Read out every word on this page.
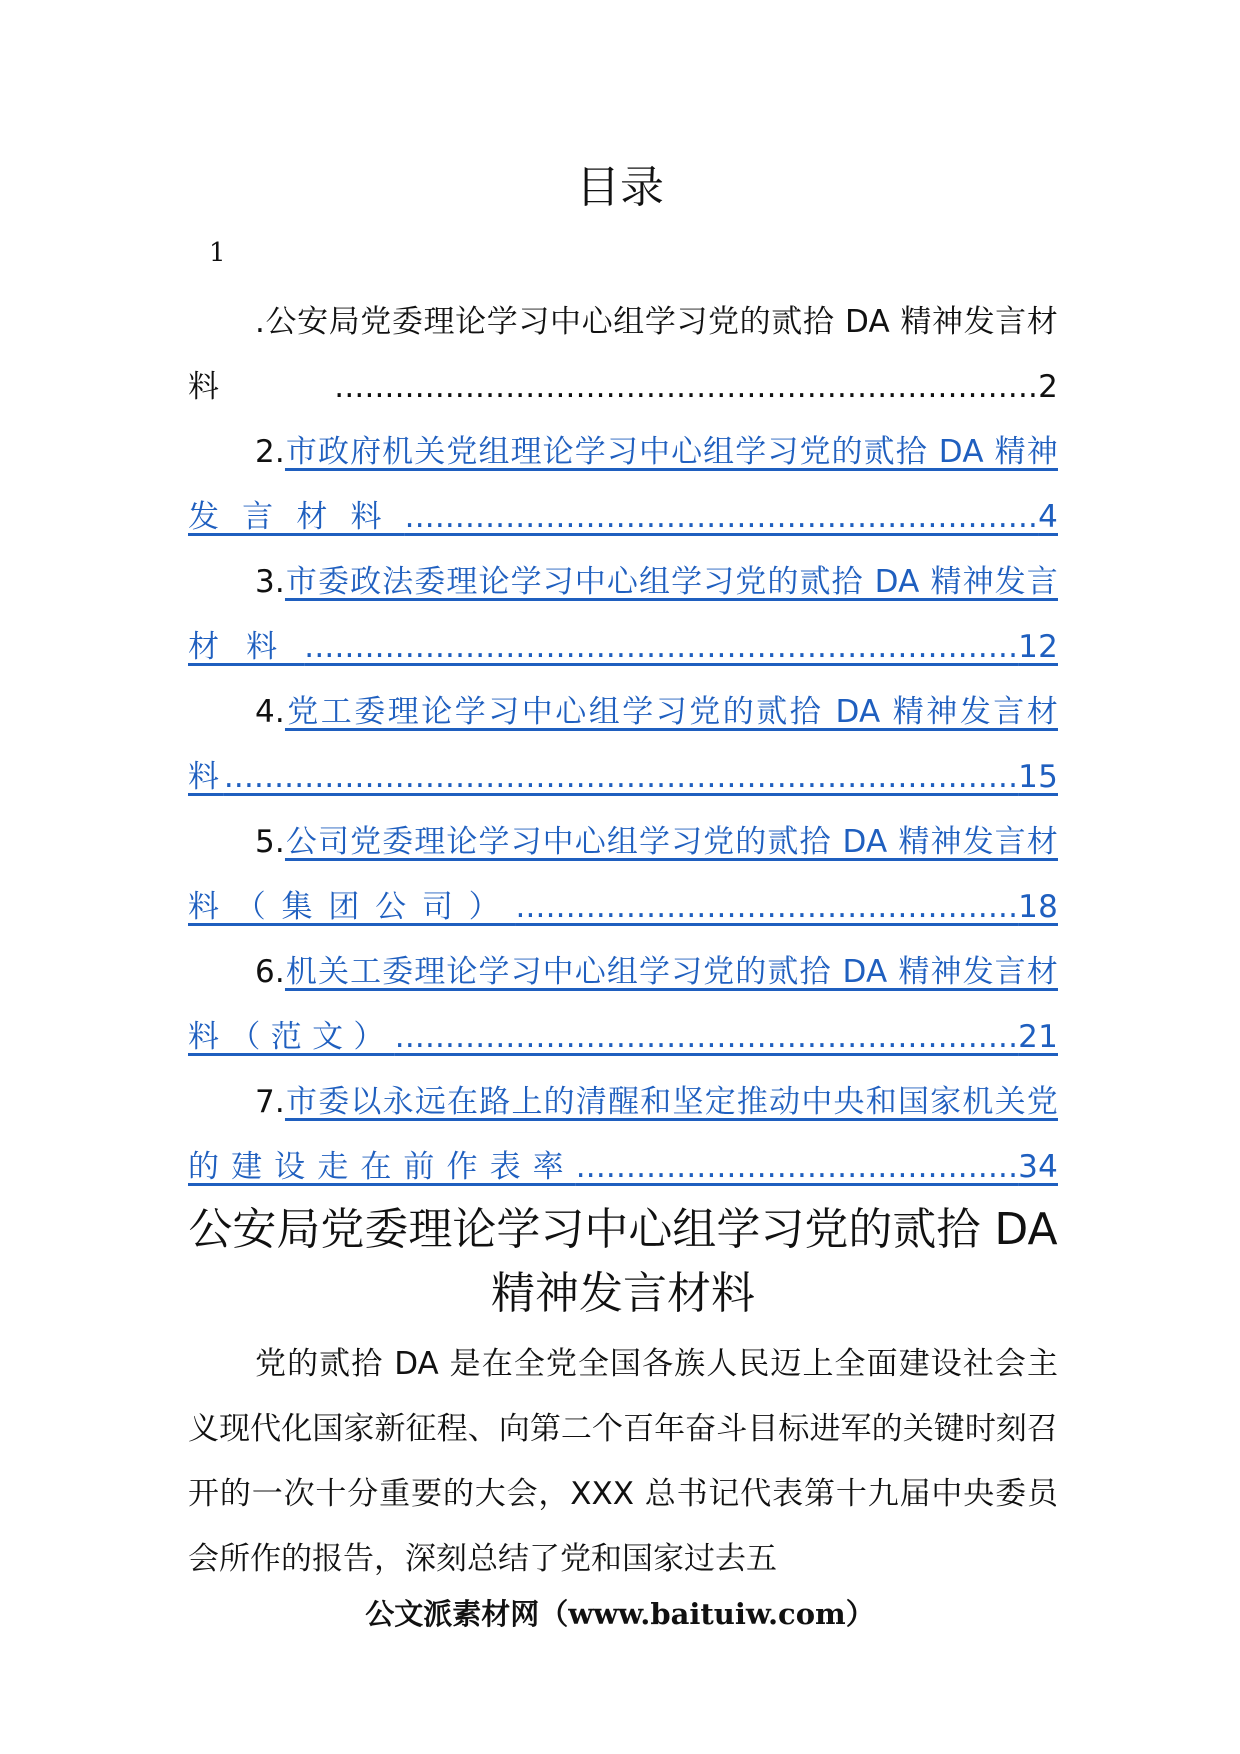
目录
1

.公安局党委理论学习中心组学习党的贰拾 DA 精神发言材料......................................................................2

2.市政府机关党组理论学习中心组学习党的贰拾 DA 精神发言材料...............................................................4

3.市委政法委理论学习中心组学习党的贰拾 DA 精神发言材料.......................................................................12

4.党工委理论学习中心组学习党的贰拾 DA 精神发言材料...............................................................................15

5.公司党委理论学习中心组学习党的贰拾 DA 精神发言材料（集团公司）..................................................18

6.机关工委理论学习中心组学习党的贰拾 DA 精神发言材料（范文）..............................................................21

7.市委以永远在路上的清醒和坚定推动中央和国家机关党的建设走在前作表率............................................34

公安局党委理论学习中心组学习党的贰拾 DA 精神发言材料

党的贰拾 DA 是在全党全国各族人民迈上全面建设社会主义现代化国家新征程、向第二个百年奋斗目标进军的关键时刻召开的一次十分重要的大会，XXX 总书记代表第十九届中央委员会所作的报告，深刻总结了党和国家过去五

公文派素材网（www.baituiw.com）
